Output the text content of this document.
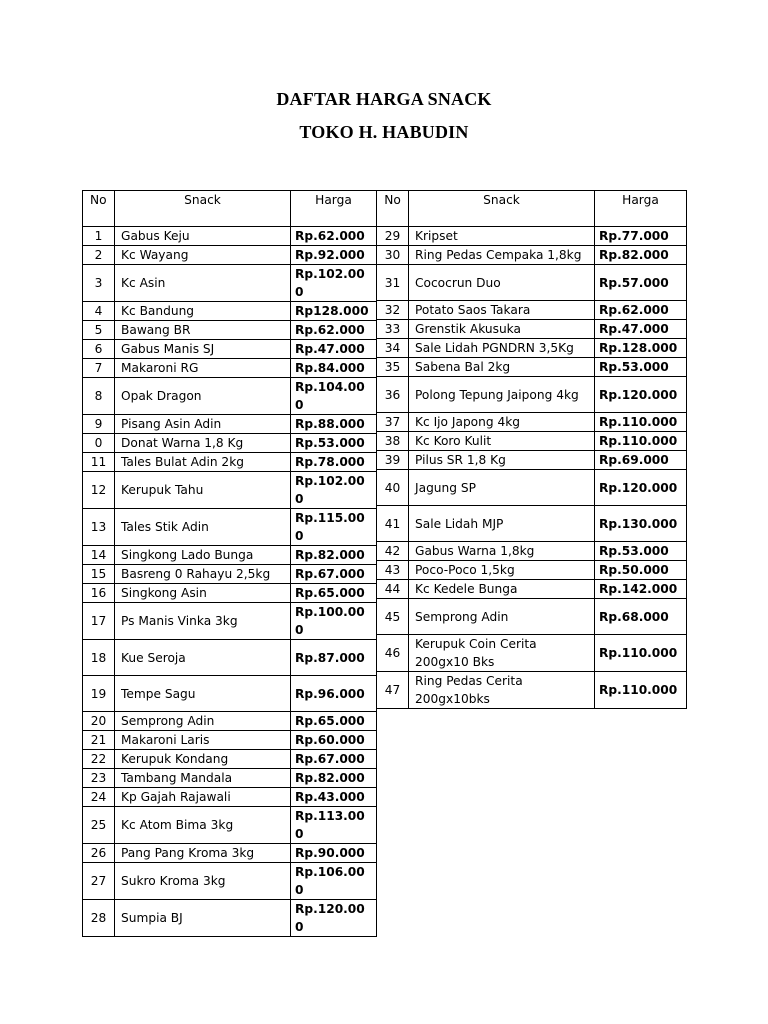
DAFTAR HARGA SNACK
TOKO H. HABUDIN
No	Snack	Harga
1	Gabus Keju	Rp.62.000
2	Kc Wayang	Rp.92.000
3	Kc Asin	Rp.102.000
4	Kc Bandung	Rp128.000
5	Bawang BR	Rp.62.000
6	Gabus Manis SJ	Rp.47.000
7	Makaroni RG	Rp.84.000
8	Opak Dragon	Rp.104.000
9	Pisang Asin Adin	Rp.88.000
0	Donat Warna 1,8 Kg	Rp.53.000
11	Tales Bulat Adin 2kg	Rp.78.000
12	Kerupuk Tahu	Rp.102.000
13	Tales Stik Adin	Rp.115.000
14	Singkong Lado Bunga	Rp.82.000
15	Basreng 0 Rahayu 2,5kg	Rp.67.000
16	Singkong Asin	Rp.65.000
17	Ps Manis Vinka 3kg	Rp.100.000
18	Kue Seroja	Rp.87.000
19	Tempe Sagu	Rp.96.000
20	Semprong Adin	Rp.65.000
21	Makaroni Laris	Rp.60.000
22	Kerupuk Kondang	Rp.67.000
23	Tambang Mandala	Rp.82.000
24	Kp Gajah Rajawali	Rp.43.000
25	Kc Atom Bima 3kg	Rp.113.000
26	Pang Pang Kroma 3kg	Rp.90.000
27	Sukro Kroma 3kg	Rp.106.000
28	Sumpia BJ	Rp.120.000
No	Snack	Harga
29	Kripset	Rp.77.000
30	Ring Pedas Cempaka 1,8kg	Rp.82.000
31	Cococrun Duo	Rp.57.000
32	Potato Saos Takara	Rp.62.000
33	Grenstik Akusuka	Rp.47.000
34	Sale Lidah PGNDRN 3,5Kg	Rp.128.000
35	Sabena Bal 2kg	Rp.53.000
36	Polong Tepung Jaipong 4kg	Rp.120.000
37	Kc Ijo Japong 4kg	Rp.110.000
38	Kc Koro Kulit	Rp.110.000
39	Pilus SR 1,8 Kg	Rp.69.000
40	Jagung SP	Rp.120.000
41	Sale Lidah MJP	Rp.130.000
42	Gabus Warna 1,8kg	Rp.53.000
43	Poco-Poco 1,5kg	Rp.50.000
44	Kc Kedele Bunga	Rp.142.000
45	Semprong Adin	Rp.68.000
46	Kerupuk Coin Cerita 200gx10 Bks	Rp.110.000
47	Ring Pedas Cerita 200gx10bks	Rp.110.000
